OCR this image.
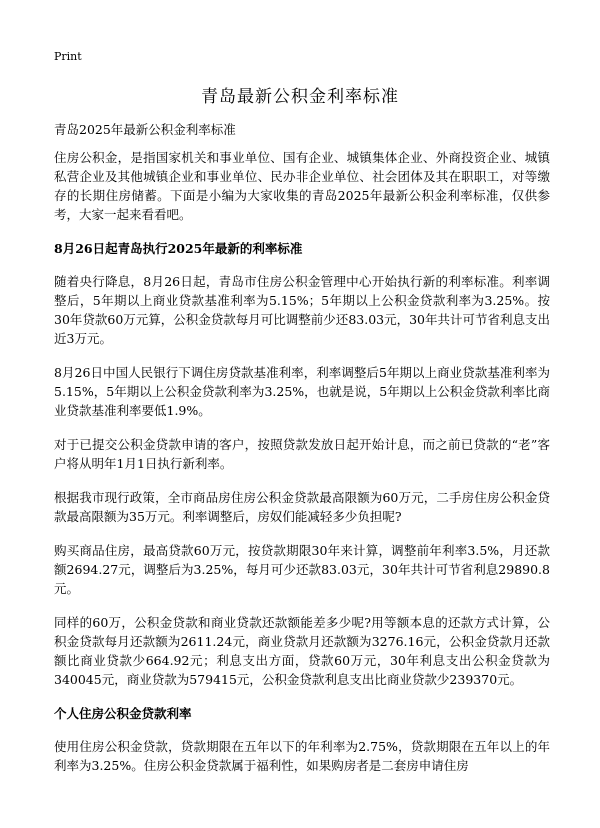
Print
青岛最新公积金利率标准
青岛2025年最新公积金利率标准

住房公积金，是指国家机关和事业单位、国有企业、城镇集体企业、外商投资企业、城镇私营企业及其他城镇企业和事业单位、民办非企业单位、社会团体及其在职职工，对等缴存的长期住房储蓄。下面是小编为大家收集的青岛2025年最新公积金利率标准，仅供参考，大家一起来看看吧。

8月26日起青岛执行2025年最新的利率标准

随着央行降息，8月26日起，青岛市住房公积金管理中心开始执行新的利率标准。利率调整后，5年期以上商业贷款基准利率为5.15%；5年期以上公积金贷款利率为3.25%。按30年贷款60万元算，公积金贷款每月可比调整前少还83.03元，30年共计可节省利息支出近3万元。

8月26日中国人民银行下调住房贷款基准利率，利率调整后5年期以上商业贷款基准利率为5.15%，5年期以上公积金贷款利率为3.25%，也就是说，5年期以上公积金贷款利率比商业贷款基准利率要低1.9%。

对于已提交公积金贷款申请的客户，按照贷款发放日起开始计息，而之前已贷款的“老”客户将从明年1月1日执行新利率。

根据我市现行政策，全市商品房住房公积金贷款最高限额为60万元，二手房住房公积金贷款最高限额为35万元。利率调整后，房奴们能减轻多少负担呢?

购买商品住房，最高贷款60万元，按贷款期限30年来计算，调整前年利率3.5%，月还款额2694.27元，调整后为3.25%，每月可少还款83.03元，30年共计可节省利息29890.8元。

同样的60万，公积金贷款和商业贷款还款额能差多少呢?用等额本息的还款方式计算，公积金贷款每月还款额为2611.24元，商业贷款月还款额为3276.16元，公积金贷款月还款额比商业贷款少664.92元；利息支出方面，贷款60万元，30年利息支出公积金贷款为340045元，商业贷款为579415元，公积金贷款利息支出比商业贷款少239370元。

个人住房公积金贷款利率

使用住房公积金贷款，贷款期限在五年以下的年利率为2.75%，贷款期限在五年以上的年利率为3.25%。住房公积金贷款属于福利性，如果购房者是二套房申请住房
